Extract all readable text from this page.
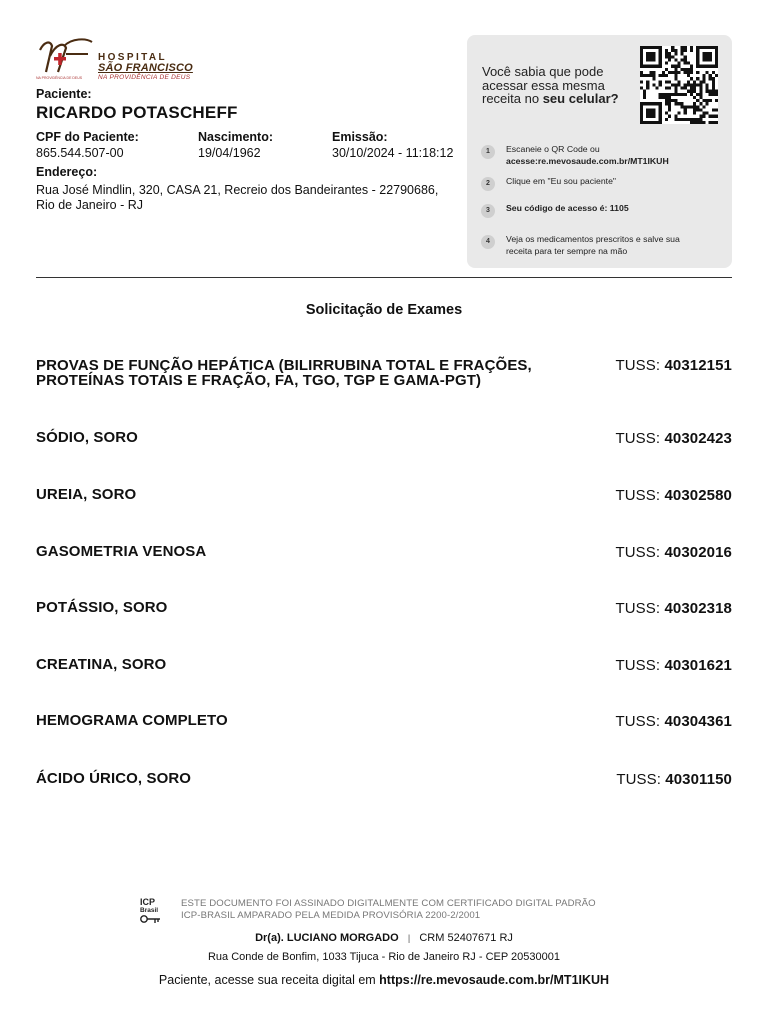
NA PROVIDÊNCIA DE DEUS
HOSPITAL
SÃO FRANCISCO
NA PROVIDÊNCIA DE DEUS
Paciente:
RICARDO POTASCHEFF
CPF do Paciente:
865.544.507-00
Nascimento:
19/04/1962
Emissão:
30/10/2024 - 11:18:12
Endereço:
Rua José Mindlin, 320, CASA 21, Recreio dos Bandeirantes - 22790686,
Rio de Janeiro - RJ
Você sabia que pode acessar essa mesma receita no seu celular?
1	Escaneie o QR Code ou
acesse:re.mevosaude.com.br/MT1IKUH
2	Clique em "Eu sou paciente"
3	Seu código de acesso é: 1105
4	Veja os medicamentos prescritos e salve sua
receita para ter sempre na mão
Solicitação de Exames
PROVAS DE FUNÇÃO HEPÁTICA (BILIRRUBINA TOTAL E FRAÇÕES,
PROTEÍNAS TOTAIS E FRAÇÃO, FA, TGO, TGP E GAMA-PGT)
TUSS: 40312151
SÓDIO, SORO	TUSS: 40302423
UREIA, SORO	TUSS: 40302580
GASOMETRIA VENOSA	TUSS: 40302016
POTÁSSIO, SORO	TUSS: 40302318
CREATINA, SORO	TUSS: 40301621
HEMOGRAMA COMPLETO	TUSS: 40304361
ÁCIDO ÚRICO, SORO	TUSS: 40301150
ICP
Brasil
ESTE DOCUMENTO FOI ASSINADO DIGITALMENTE COM CERTIFICADO DIGITAL PADRÃO
ICP-BRASIL AMPARADO PELA MEDIDA PROVISÓRIA 2200-2/2001
Dr(a). LUCIANO MORGADO | CRM 52407671 RJ
Rua Conde de Bonfim, 1033 Tijuca - Rio de Janeiro RJ - CEP 20530001
Paciente, acesse sua receita digital em https://re.mevosaude.com.br/MT1IKUH
